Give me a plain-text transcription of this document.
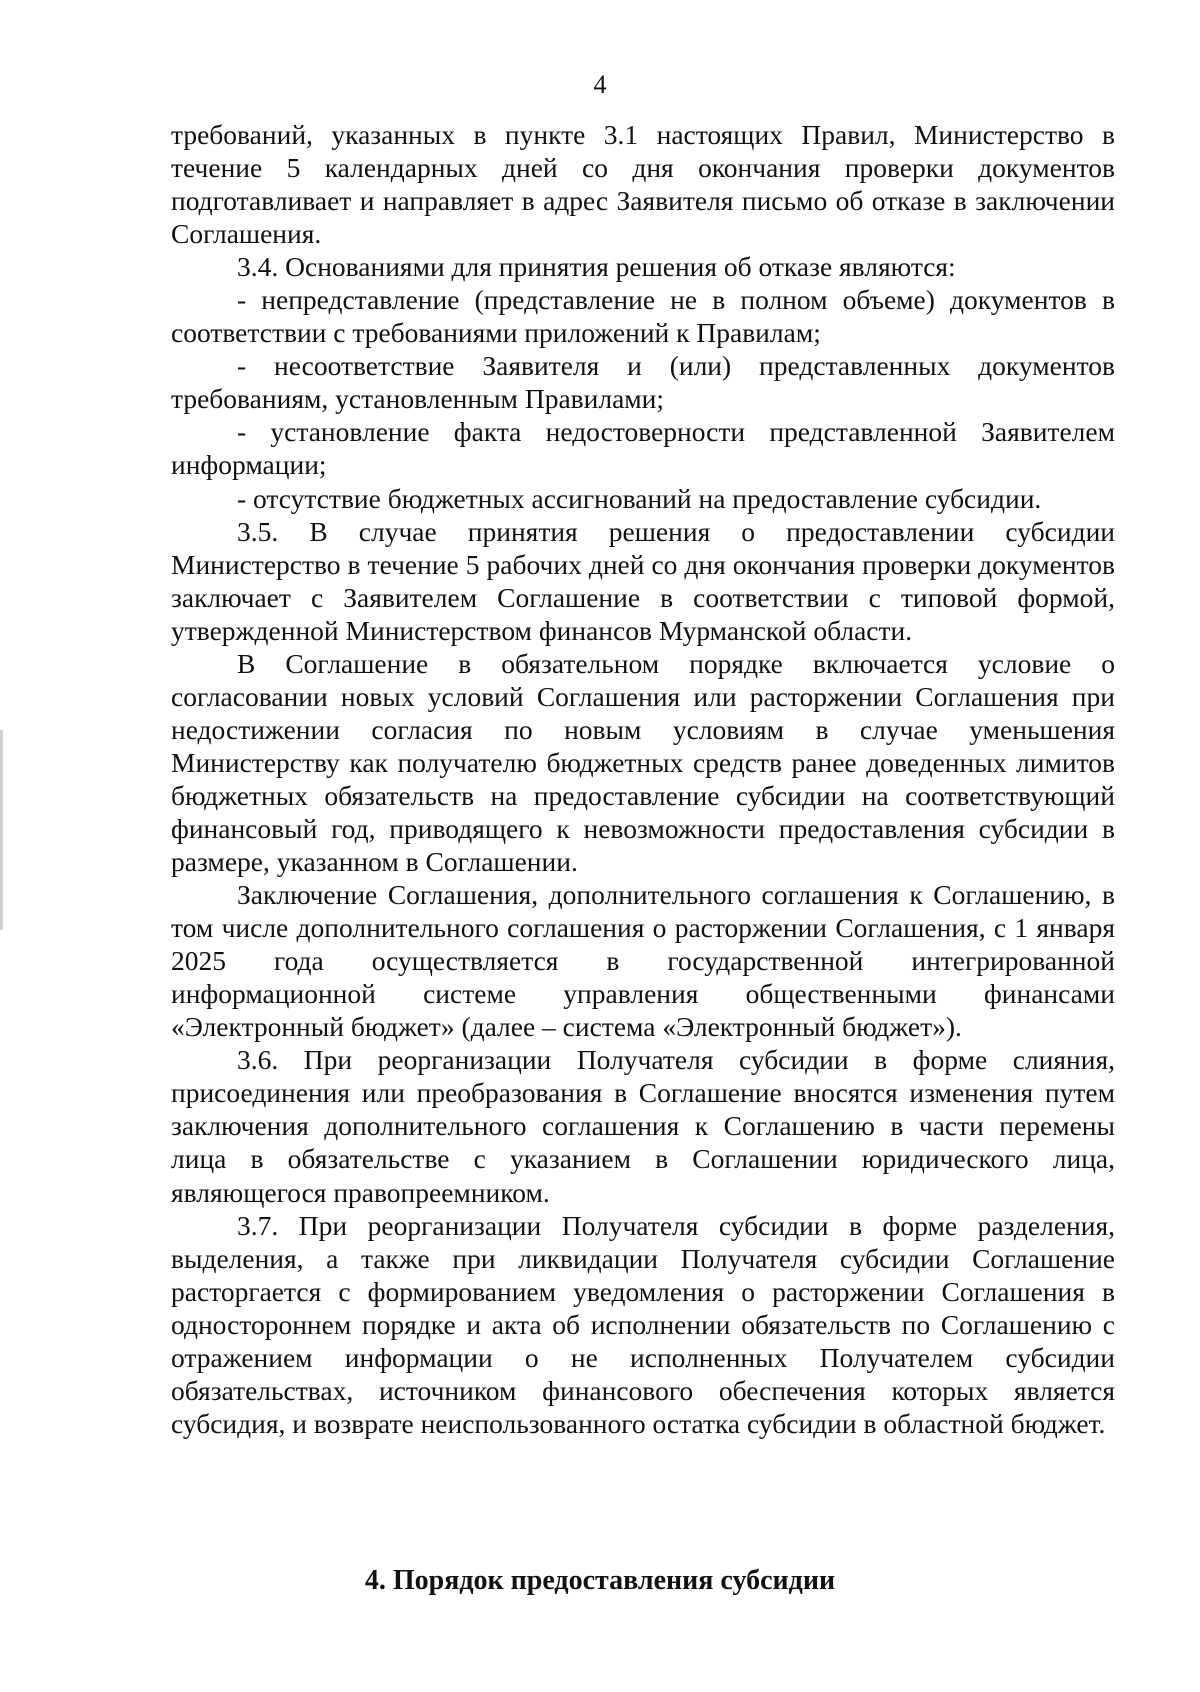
4

требований, указанных в пункте 3.1 настоящих Правил, Министерство в течение 5 календарных дней со дня окончания проверки документов подготавливает и направляет в адрес Заявителя письмо об отказе в заключении Соглашения.

3.4. Основаниями для принятия решения об отказе являются:

- непредставление (представление не в полном объеме) документов в соответствии с требованиями приложений к Правилам;

- несоответствие Заявителя и (или) представленных документов требованиям, установленным Правилами;

- установление факта недостоверности представленной Заявителем информации;

- отсутствие бюджетных ассигнований на предоставление субсидии.

3.5. В случае принятия решения о предоставлении субсидии Министерство в течение 5 рабочих дней со дня окончания проверки документов заключает с Заявителем Соглашение в соответствии с типовой формой, утвержденной Министерством финансов Мурманской области.

В Соглашение в обязательном порядке включается условие о согласовании новых условий Соглашения или расторжении Соглашения при недостижении согласия по новым условиям в случае уменьшения Министерству как получателю бюджетных средств ранее доведенных лимитов бюджетных обязательств на предоставление субсидии на соответствующий финансовый год, приводящего к невозможности предоставления субсидии в размере, указанном в Соглашении.

Заключение Соглашения, дополнительного соглашения к Соглашению, в том числе дополнительного соглашения о расторжении Соглашения, с 1 января 2025 года осуществляется в государственной интегрированной информационной системе управления общественными финансами «Электронный бюджет» (далее – система «Электронный бюджет»).

3.6. При реорганизации Получателя субсидии в форме слияния, присоединения или преобразования в Соглашение вносятся изменения путем заключения дополнительного соглашения к Соглашению в части перемены лица в обязательстве с указанием в Соглашении юридического лица, являющегося правопреемником.

3.7. При реорганизации Получателя субсидии в форме разделения, выделения, а также при ликвидации Получателя субсидии Соглашение расторгается с формированием уведомления о расторжении Соглашения в одностороннем порядке и акта об исполнении обязательств по Соглашению с отражением информации о не исполненных Получателем субсидии обязательствах, источником финансового обеспечения которых является субсидия, и возврате неиспользованного остатка субсидии в областной бюджет.

4. Порядок предоставления субсидии
